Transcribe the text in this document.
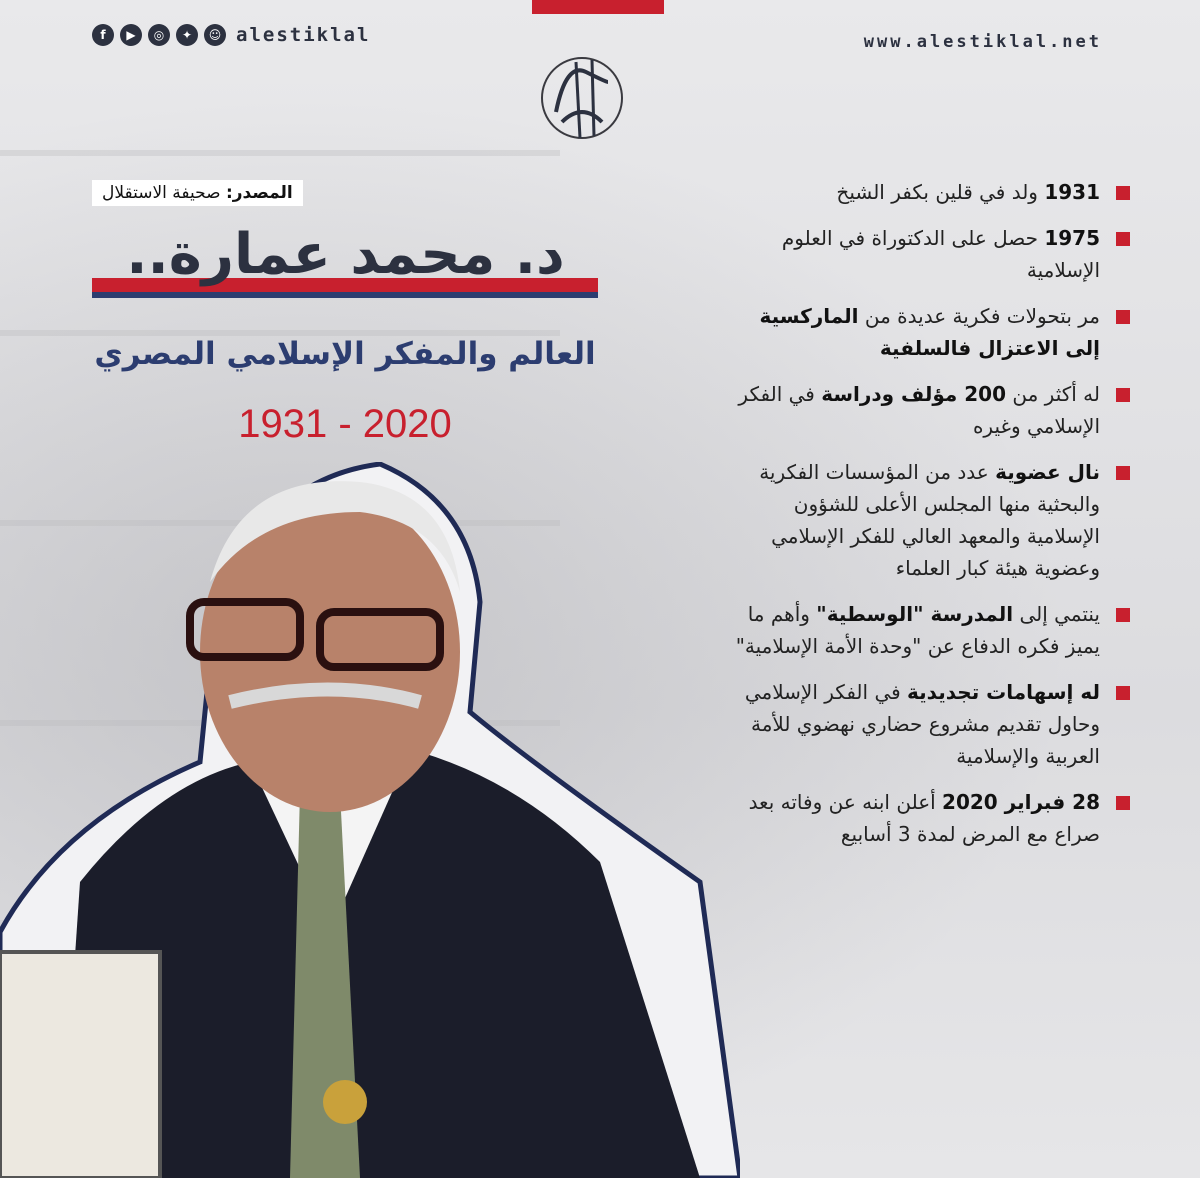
f	▶	◎	✦	☺ alestiklal	www.alestiklal.net
المصدر: صحيفة الاستقلال
د. محمد عمارة..
العالم والمفكر الإسلامي المصري
1931 - 2020
1931 ولد في قلين بكفر الشيخ
1975 حصل على الدكتوراة في العلوم الإسلامية
مر بتحولات فكرية عديدة من الماركسية إلى الاعتزال فالسلفية
له أكثر من 200 مؤلف ودراسة في الفكر الإسلامي وغيره
نال عضوية عدد من المؤسسات الفكرية والبحثية منها المجلس الأعلى للشؤون الإسلامية والمعهد العالي للفكر الإسلامي وعضوية هيئة كبار العلماء
ينتمي إلى المدرسة "الوسطية" وأهم ما يميز فكره الدفاع عن "وحدة الأمة الإسلامية"
له إسهامات تجديدية في الفكر الإسلامي وحاول تقديم مشروع حضاري نهضوي للأمة العربية والإسلامية
28 فبراير 2020 أعلن ابنه عن وفاته بعد صراع مع المرض لمدة 3 أسابيع
